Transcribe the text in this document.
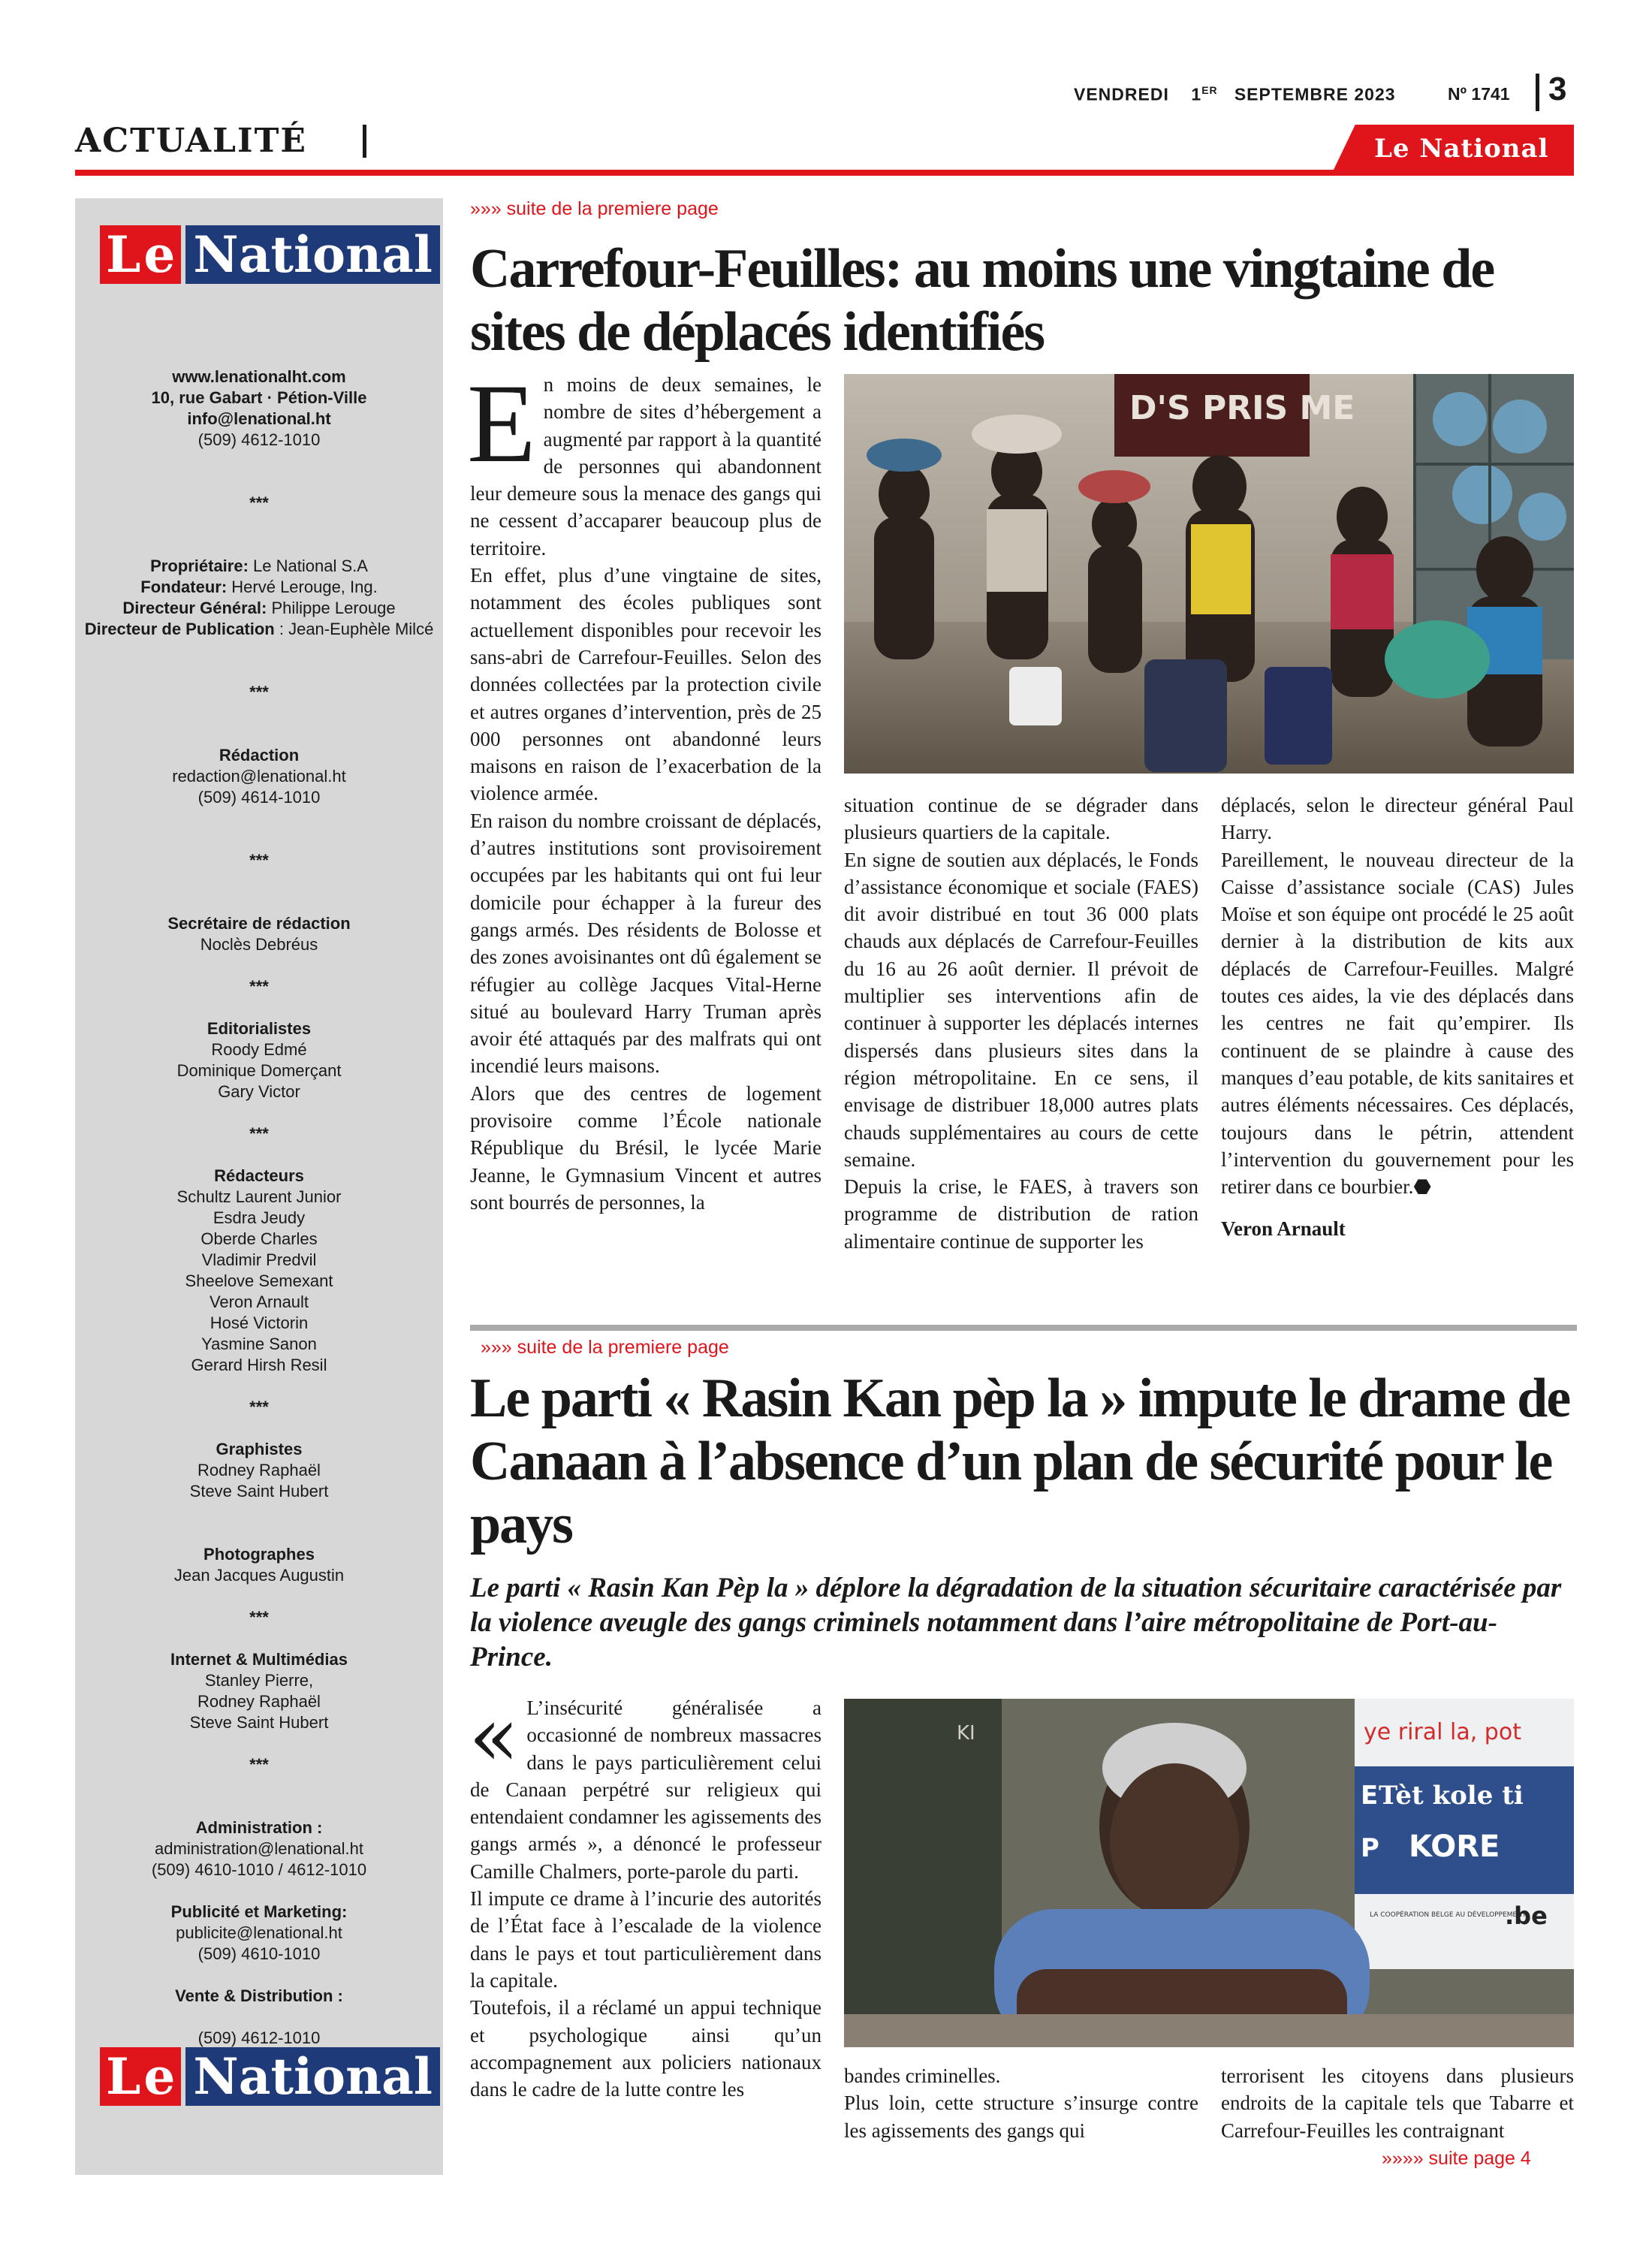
ACTUALITÉ
VENDREDI 1ER SEPTEMBRE 2023	Nº 1741 3
Le National
L e National
www.lenationalht.com
10, rue Gabart · Pétion-Ville
info@lenational.ht
(509) 4612-1010
***
Propriétaire: Le National S.A
Fondateur: Hervé Lerouge, Ing.
Directeur Général: Philippe Lerouge
Directeur de Publication : Jean-Euphèle Milcé
***
Rédaction
redaction@lenational.ht
(509) 4614-1010
***
Secrétaire de rédaction
Noclès Debréus
***
Editorialistes
Roody Edmé
Dominique Domerçant
Gary Victor
***
Rédacteurs
Schultz Laurent Junior
Esdra Jeudy
Oberde Charles
Vladimir Predvil
Sheelove Semexant
Veron Arnault
Hosé Victorin
Yasmine Sanon
Gerard Hirsh Resil
***
Graphistes
Rodney Raphaël
Steve Saint Hubert
Photographes
Jean Jacques Augustin
***
Internet & Multimédias
Stanley Pierre,
Rodney Raphaël
Steve Saint Hubert
***
Administration :
administration@lenational.ht
(509) 4610-1010 / 4612-1010
Publicité et Marketing:
publicite@lenational.ht
(509) 4610-1010
Vente & Distribution :
(509) 4612-1010
L e National
»»» suite de la premiere page
Carrefour-Feuilles: au moins une vingtaine de sites de déplacés identifiés
D'S PRIS ME

En moins de deux semaines, le nombre de sites d’hébergement a augmenté par rapport à la quantité de personnes qui abandonnent leur demeure sous la menace des gangs qui ne cessent d’accaparer beaucoup plus de territoire.

En effet, plus d’une vingtaine de sites, notamment des écoles publiques sont actuellement disponibles pour recevoir les sans-abri de Carrefour-Feuilles. Selon des données collectées par la protection civile et autres organes d’intervention, près de 25 000 personnes ont abandonné leurs maisons en raison de l’exacerbation de la violence armée.

En raison du nombre croissant de déplacés, d’autres institutions sont provisoirement occupées par les habitants qui ont fui leur domicile pour échapper à la fureur des gangs armés. Des résidents de Bolosse et des zones avoisinantes ont dû également se réfugier au collège Jacques Vital-Herne situé au boulevard Harry Truman après avoir été attaqués par des malfrats qui ont incendié leurs maisons.

Alors que des centres de logement provisoire comme l’École nationale République du Brésil, le lycée Marie Jeanne, le Gymnasium Vincent et autres sont bourrés de personnes, la

situation continue de se dégrader dans plusieurs quartiers de la capitale.

En signe de soutien aux déplacés, le Fonds d’assistance économique et sociale (FAES) dit avoir distribué en tout 36 000 plats chauds aux déplacés de Carrefour-Feuilles du 16 au 26 août dernier. Il prévoit de multiplier ses interventions afin de continuer à supporter les déplacés internes dispersés dans plusieurs sites dans la région métropolitaine. En ce sens, il envisage de distribuer 18,000 autres plats chauds supplémentaires au cours de cette semaine.

Depuis la crise, le FAES, à travers son programme de distribution de ration alimentaire continue de supporter les

déplacés, selon le directeur général Paul Harry.

Pareillement, le nouveau directeur de la Caisse d’assistance sociale (CAS) Jules Moïse et son équipe ont procédé le 25 août dernier à la distribution de kits aux déplacés de Carrefour-Feuilles. Malgré toutes ces aides, la vie des déplacés dans les centres ne fait qu’empirer. Ils continuent de se plaindre à cause des manques d’eau potable, de kits sanitaires et autres éléments nécessaires. Ces déplacés, toujours dans le pétrin, attendent l’intervention du gouvernement pour les retirer dans ce bourbier.⬣

Veron Arnault

»»» suite de la premiere page
Le parti « Rasin Kan pèp la » impute le drame de Canaan à l’absence d’un plan de sécurité pour le pays
Le parti « Rasin Kan Pèp la » déplore la dégradation de la situation sécuritaire caractérisée par la violence aveugle des gangs criminels notamment dans l’aire métropolitaine de Port-au-Prince.
KI	ye riral la, pot
Tèt kole ti
KORE
E
P
LA COOPÉRATION BELGE AU DÉVELOPPEMENT
.be

« L’insécurité généralisée a occasionné de nombreux massacres dans le pays particulièrement celui de Canaan perpétré sur religieux qui entendaient condamner les agissements des gangs armés », a dénoncé le professeur Camille Chalmers, porte-parole du parti.

Il impute ce drame à l’incurie des autorités de l’État face à l’escalade de la violence dans le pays et tout particulièrement dans la capitale.

Toutefois, il a réclamé un appui technique et psychologique ainsi qu’un accompagnement aux policiers nationaux dans le cadre de la lutte contre les

bandes criminelles.

Plus loin, cette structure s’insurge contre les agissements des gangs qui

terrorisent les citoyens dans plusieurs endroits de la capitale tels que Tabarre et Carrefour-Feuilles les contraignant

»»»» suite page 4
